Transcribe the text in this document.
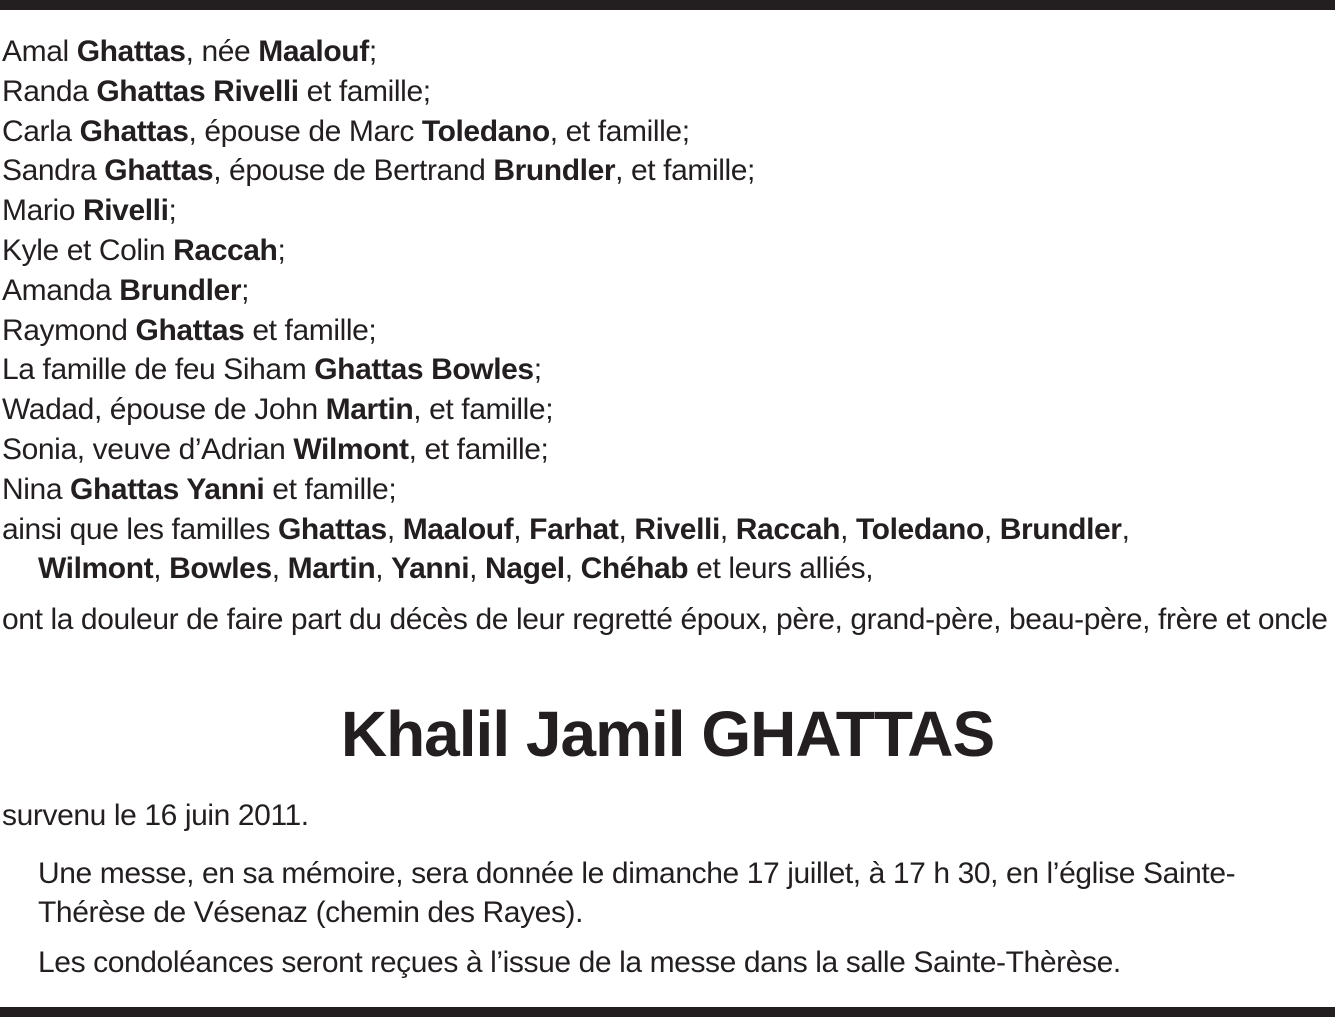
Amal Ghattas, née Maalouf;
Randa Ghattas Rivelli et famille;
Carla Ghattas, épouse de Marc Toledano, et famille;
Sandra Ghattas, épouse de Bertrand Brundler, et famille;
Mario Rivelli;
Kyle et Colin Raccah;
Amanda Brundler;
Raymond Ghattas et famille;
La famille de feu Siham Ghattas Bowles;
Wadad, épouse de John Martin, et famille;
Sonia, veuve d’Adrian Wilmont, et famille;
Nina Ghattas Yanni et famille;
ainsi que les familles Ghattas, Maalouf, Farhat, Rivelli, Raccah, Toledano, Brundler,
Wilmont, Bowles, Martin, Yanni, Nagel, Chéhab et leurs alliés,

ont la douleur de faire part du décès de leur regretté époux, père, grand-père, beau-père, frère et oncle

Khalil Jamil GHATTAS

survenu le 16 juin 2011.

Une messe, en sa mémoire, sera donnée le dimanche 17 juillet, à 17 h 30, en l’église Sainte-Thérèse de Vésenaz (chemin des Rayes).

Les condoléances seront reçues à l’issue de la messe dans la salle Sainte-Thèrèse.
